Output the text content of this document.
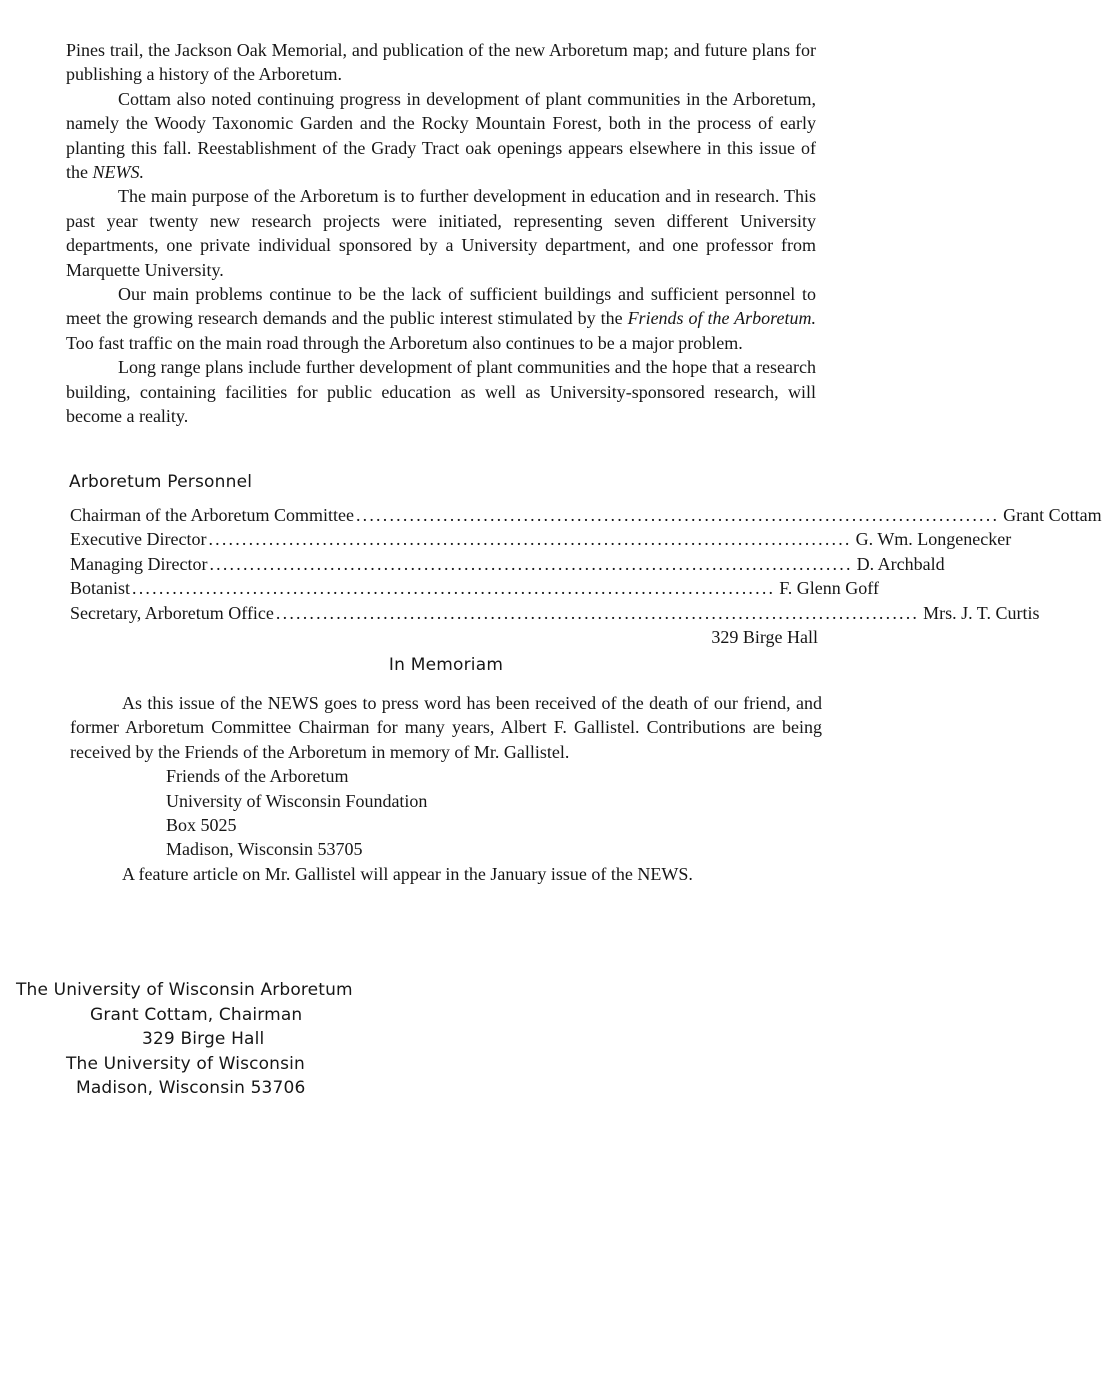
Pines trail, the Jackson Oak Memorial, and publication of the new Arboretum map; and future plans for publishing a history of the Arboretum.

Cottam also noted continuing progress in development of plant communities in the Arboretum, namely the Woody Taxonomic Garden and the Rocky Mountain Forest, both in the process of early planting this fall. Reestablishment of the Grady Tract oak openings appears elsewhere in this issue of the NEWS.

The main purpose of the Arboretum is to further development in education and in research. This past year twenty new research projects were initiated, representing seven different University departments, one private individual sponsored by a University department, and one professor from Marquette University.

Our main problems continue to be the lack of sufficient buildings and sufficient personnel to meet the growing research demands and the public interest stimulated by the Friends of the Arboretum. Too fast traffic on the main road through the Arboretum also continues to be a major problem.

Long range plans include further development of plant communities and the hope that a research building, containing facilities for public education as well as University-sponsored research, will become a reality.

Arboretum Personnel
Chairman of the Arboretum Committee ................................................................................................ Grant Cottam
Executive Director ................................................................................................ G. Wm. Longenecker
Managing Director ................................................................................................ D. Archbald
Botanist ................................................................................................ F. Glenn Goff
Secretary, Arboretum Office ................................................................................................ Mrs. J. T. Curtis
329 Birge Hall
In Memoriam

As this issue of the NEWS goes to press word has been received of the death of our friend, and former Arboretum Committee Chairman for many years, Albert F. Gallistel. Contributions are being received by the Friends of the Arboretum in memory of Mr. Gallistel.

Friends of the Arboretum
University of Wisconsin Foundation
Box 5025
Madison, Wisconsin 53705

A feature article on Mr. Gallistel will appear in the January issue of the NEWS.

The University of Wisconsin Arboretum
Grant Cottam, Chairman
329 Birge Hall
The University of Wisconsin
Madison, Wisconsin 53706
